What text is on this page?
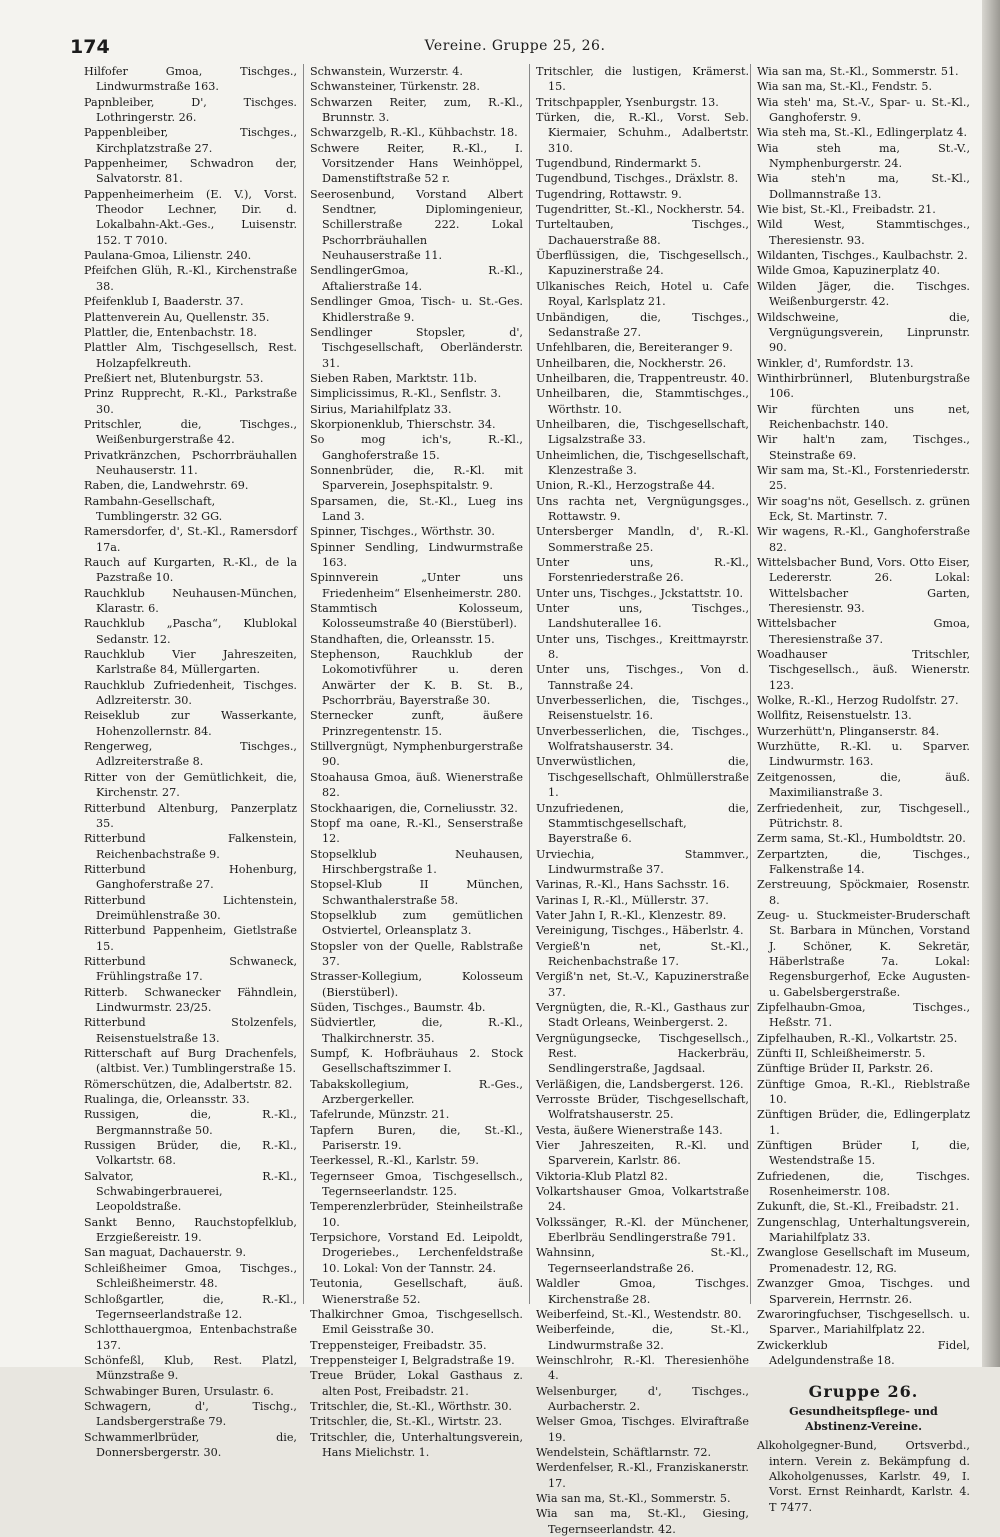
174	Vereine. Gruppe 25, 26.
Hilfofer Gmoa, Tischges., Lindwurmstraße 163.
Papnbleiber, D', Tischges. Lothringerstr. 26.
Pappenbleiber, Tischges., Kirchplatzstraße 27.
Pappenheimer, Schwadron der, Salvatorstr. 81.
Pappenheimerheim (E. V.), Vorst. Theodor Lechner, Dir. d. Lokalbahn-Akt.-Ges., Luisenstr. 152. T 7010.
Paulana-Gmoa, Lilienstr. 240.
Pfeifchen Glüh, R.-Kl., Kirchenstraße 38.
Pfeifenklub I, Baaderstr. 37.
Plattenverein Au, Quellenstr. 35.
Plattler, die, Entenbachstr. 18.
Plattler Alm, Tischgesellsch, Rest. Holzapfelkreuth.
Preßiert net, Blutenburgstr. 53.
Prinz Rupprecht, R.-Kl., Parkstraße 30.
Pritschler, die, Tischges., Weißenburgerstraße 42.
Privatkränzchen, Pschorrbräuhallen Neuhauserstr. 11.
Raben, die, Landwehrstr. 69.
Rambahn-Gesellschaft, Tumblingerstr. 32 GG.
Ramersdorfer, d', St.-Kl., Ramersdorf 17a.
Rauch auf Kurgarten, R.-Kl., de la Pazstraße 10.
Rauchklub Neuhausen-München, Klarastr. 6.
Rauchklub „Pascha“, Klublokal Sedanstr. 12.
Rauchklub Vier Jahreszeiten, Karlstraße 84, Müllergarten.
Rauchklub Zufriedenheit, Tischges. Adlzreiterstr. 30.
Reiseklub zur Wasserkante, Hohenzollernstr. 84.
Rengerweg, Tischges., Adlzreiterstraße 8.
Ritter von der Gemütlichkeit, die, Kirchenstr. 27.
Ritterbund Altenburg, Panzerplatz 35.
Ritterbund Falkenstein, Reichenbachstraße 9.
Ritterbund Hohenburg, Ganghoferstraße 27.
Ritterbund Lichtenstein, Dreimühlenstraße 30.
Ritterbund Pappenheim, Gietlstraße 15.
Ritterbund Schwaneck, Frühlingstraße 17.
Ritterb. Schwanecker Fähndlein, Lindwurmstr. 23/25.
Ritterbund Stolzenfels, Reisenstuelstraße 13.
Ritterschaft auf Burg Drachenfels, (altbist. Ver.) Tumblingerstraße 15.
Römerschützen, die, Adalbertstr. 82.
Rualinga, die, Orleansstr. 33.
Russigen, die, R.-Kl., Bergmannstraße 50.
Russigen Brüder, die, R.-Kl., Volkartstr. 68.
Salvator, R.-Kl., Schwabingerbrauerei, Leopoldstraße.
Sankt Benno, Rauchstopfelklub, Erzgießereistr. 19.
San maguat, Dachauerstr. 9.
Schleißheimer Gmoa, Tischges., Schleißheimerstr. 48.
Schloßgartler, die, R.-Kl., Tegernseerlandstraße 12.
Schlotthauergmoa, Entenbachstraße 137.
Schönfeßl, Klub, Rest. Platzl, Münzstraße 9.
Schwabinger Buren, Ursulastr. 6.
Schwagern, d', Tischg., Landsbergerstraße 79.
Schwammerlbrüder, die, Donnersbergerstr. 30.
Schwanstein, Wurzerstr. 4.
Schwansteiner, Türkenstr. 28.
Schwarzen Reiter, zum, R.-Kl., Brunnstr. 3.
Schwarzgelb, R.-Kl., Kühbachstr. 18.
Schwere Reiter, R.-Kl., I. Vorsitzender Hans Weinhöppel, Damenstiftstraße 52 r.
Seerosenbund, Vorstand Albert Sendtner, Diplomingenieur, Schillerstraße 222. Lokal Pschorrbräuhallen Neuhauserstraße 11.
SendlingerGmoa, R.-Kl., Aftalierstraße 14.
Sendlinger Gmoa, Tisch- u. St.-Ges. Khidlerstraße 9.
Sendlinger Stopsler, d', Tischgesellschaft, Oberländerstr. 31.
Sieben Raben, Marktstr. 11b.
Simplicissimus, R.-Kl., Senflstr. 3.
Sirius, Mariahilfplatz 33.
Skorpionenklub, Thierschstr. 34.
So mog ich's, R.-Kl., Ganghoferstraße 15.
Sonnenbrüder, die, R.-Kl. mit Sparverein, Josephspitalstr. 9.
Sparsamen, die, St.-Kl., Lueg ins Land 3.
Spinner, Tischges., Wörthstr. 30.
Spinner Sendling, Lindwurmstraße 163.
Spinnverein „Unter uns Friedenheim“ Elsenheimerstr. 280.
Stammtisch Kolosseum, Kolosseumstraße 40 (Bierstüberl).
Standhaften, die, Orleansstr. 15.
Stephenson, Rauchklub der Lokomotivführer u. deren Anwärter der K. B. St. B., Pschorrbräu, Bayerstraße 30.
Sternecker zunft, äußere Prinzregentenstr. 15.
Stillvergnügt, Nymphenburgerstraße 90.
Stoahausa Gmoa, äuß. Wienerstraße 82.
Stockhaarigen, die, Corneliusstr. 32.
Stopf ma oane, R.-Kl., Senserstraße 12.
Stopselklub Neuhausen, Hirschbergstraße 1.
Stopsel-Klub II München, Schwanthalerstraße 58.
Stopselklub zum gemütlichen Ostviertel, Orleansplatz 3.
Stopsler von der Quelle, Rablstraße 37.
Strasser-Kollegium, Kolosseum (Bierstüberl).
Süden, Tischges., Baumstr. 4b.
Südviertler, die, R.-Kl., Thalkirchnerstr. 35.
Sumpf, K. Hofbräuhaus 2. Stock Gesellschaftszimmer I.
Tabakskollegium, R.-Ges., Arzbergerkeller.
Tafelrunde, Münzstr. 21.
Tapfern Buren, die, St.-Kl., Pariserstr. 19.
Teerkessel, R.-Kl., Karlstr. 59.
Tegernseer Gmoa, Tischgesellsch., Tegernseerlandstr. 125.
Temperenzlerbrüder, Steinheilstraße 10.
Terpsichore, Vorstand Ed. Leipoldt, Drogeriebes., Lerchenfeldstraße 10. Lokal: Von der Tannstr. 24.
Teutonia, Gesellschaft, äuß. Wienerstraße 52.
Thalkirchner Gmoa, Tischgesellsch. Emil Geisstraße 30.
Treppensteiger, Freibadstr. 35.
Treppensteiger I, Belgradstraße 19.
Treue Brüder, Lokal Gasthaus z. alten Post, Freibadstr. 21.
Tritschler, die, St.-Kl., Wörthstr. 30.
Tritschler, die, St.-Kl., Wirtstr. 23.
Tritschler, die, Unterhaltungsverein, Hans Mielichstr. 1.
Tritschler, die lustigen, Krämerst. 15.
Tritschpappler, Ysenburgstr. 13.
Türken, die, R.-Kl., Vorst. Seb. Kiermaier, Schuhm., Adalbertstr. 310.
Tugendbund, Rindermarkt 5.
Tugendbund, Tischges., Dräxlstr. 8.
Tugendring, Rottawstr. 9.
Tugendritter, St.-Kl., Nockherstr. 54.
Turteltauben, Tischges., Dachauerstraße 88.
Überflüssigen, die, Tischgesellsch., Kapuzinerstraße 24.
Ulkanisches Reich, Hotel u. Cafe Royal, Karlsplatz 21.
Unbändigen, die, Tischges., Sedanstraße 27.
Unfehlbaren, die, Bereiteranger 9.
Unheilbaren, die, Nockherstr. 26.
Unheilbaren, die, Trappentreustr. 40.
Unheilbaren, die, Stammtischges., Wörthstr. 10.
Unheilbaren, die, Tischgesellschaft, Ligsalzstraße 33.
Unheimlichen, die, Tischgesellschaft, Klenzestraße 3.
Union, R.-Kl., Herzogstraße 44.
Uns rachta net, Vergnügungsges., Rottawstr. 9.
Untersberger Mandln, d', R.-Kl. Sommerstraße 25.
Unter uns, R.-Kl., Forstenriederstraße 26.
Unter uns, Tischges., Jckstattstr. 10.
Unter uns, Tischges., Landshuterallee 16.
Unter uns, Tischges., Kreittmayrstr. 8.
Unter uns, Tischges., Von d. Tannstraße 24.
Unverbesserlichen, die, Tischges., Reisenstuelstr. 16.
Unverbesserlichen, die, Tischges., Wolfratshauserstr. 34.
Unverwüstlichen, die, Tischgesellschaft, Ohlmüllerstraße 1.
Unzufriedenen, die, Stammtischgesellschaft, Bayerstraße 6.
Urviechia, Stammver., Lindwurmstraße 37.
Varinas, R.-Kl., Hans Sachsstr. 16.
Varinas I, R.-Kl., Müllerstr. 37.
Vater Jahn I, R.-Kl., Klenzestr. 89.
Vereinigung, Tischges., Häberlstr. 4.
Vergieß'n net, St.-Kl., Reichenbachstraße 17.
Vergiß'n net, St.-V., Kapuzinerstraße 37.
Vergnügten, die, R.-Kl., Gasthaus zur Stadt Orleans, Weinbergerst. 2.
Vergnügungsecke, Tischgesellsch., Rest. Hackerbräu, Sendlingerstraße, Jagdsaal.
Verläßigen, die, Landsbergerst. 126.
Verrosste Brüder, Tischgesellschaft, Wolfratshauserstr. 25.
Vesta, äußere Wienerstraße 143.
Vier Jahreszeiten, R.-Kl. und Sparverein, Karlstr. 86.
Viktoria-Klub Platzl 82.
Volkartshauser Gmoa, Volkartstraße 24.
Volkssänger, R.-Kl. der Münchener, Eberlbräu Sendlingerstraße 791.
Wahnsinn, St.-Kl., Tegernseerlandstraße 26.
Waldler Gmoa, Tischges. Kirchenstraße 28.
Weiberfeind, St.-Kl., Westendstr. 80.
Weiberfeinde, die, St.-Kl., Lindwurmstraße 32.
Weinschlrohr, R.-Kl. Theresienhöhe 4.
Welsenburger, d', Tischges., Aurbacherstr. 2.
Welser Gmoa, Tischges. Elviraftraße 19.
Wendelstein, Schäftlarnstr. 72.
Werdenfelser, R.-Kl., Franziskanerstr. 17.
Wia san ma, St.-Kl., Sommerstr. 5.
Wia san ma, St.-Kl., Giesing, Tegernseerlandstr. 42.
Wia san ma, St.-Kl., Sommerstr. 51.
Wia san ma, St.-Kl., Fendstr. 5.
Wia steh' ma, St.-V., Spar- u. St.-Kl., Ganghoferstr. 9.
Wia steh ma, St.-Kl., Edlingerplatz 4.
Wia steh ma, St.-V., Nymphenburgerstr. 24.
Wia steh'n ma, St.-Kl., Dollmannstraße 13.
Wie bist, St.-Kl., Freibadstr. 21.
Wild West, Stammtischges., Theresienstr. 93.
Wildanten, Tischges., Kaulbachstr. 2.
Wilde Gmoa, Kapuzinerplatz 40.
Wilden Jäger, die. Tischges. Weißenburgerstr. 42.
Wildschweine, die, Vergnügungsverein, Linprunstr. 90.
Winkler, d', Rumfordstr. 13.
Winthirbrünnerl, Blutenburgstraße 106.
Wir fürchten uns net, Reichenbachstr. 140.
Wir halt'n zam, Tischges., Steinstraße 69.
Wir sam ma, St.-Kl., Forstenriederstr. 25.
Wir soag'ns nöt, Gesellsch. z. grünen Eck, St. Martinstr. 7.
Wir wagens, R.-Kl., Ganghoferstraße 82.
Wittelsbacher Bund, Vors. Otto Eiser, Ledererstr. 26. Lokal: Wittelsbacher Garten, Theresienstr. 93.
Wittelsbacher Gmoa, Theresienstraße 37.
Woadhauser Tritschler, Tischgesellsch., äuß. Wienerstr. 123.
Wolke, R.-Kl., Herzog Rudolfstr. 27.
Wollfitz, Reisenstuelstr. 13.
Wurzerhütt'n, Plinganserstr. 84.
Wurzhütte, R.-Kl. u. Sparver. Lindwurmstr. 163.
Zeitgenossen, die, äuß. Maximilianstraße 3.
Zerfriedenheit, zur, Tischgesell., Pütrichstr. 8.
Zerm sama, St.-Kl., Humboldtstr. 20.
Zerpartzten, die, Tischges., Falkenstraße 14.
Zerstreuung, Spöckmaier, Rosenstr. 8.
Zeug- u. Stuckmeister-Bruderschaft St. Barbara in München, Vorstand J. Schöner, K. Sekretär, Häberlstraße 7a. Lokal: Regensburgerhof, Ecke Augusten- u. Gabelsbergerstraße.
Zipfelhaubn-Gmoa, Tischges., Heßstr. 71.
Zipfelhauben, R.-Kl., Volkartstr. 25.
Zünfti II, Schleißheimerstr. 5.
Zünftige Brüder II, Parkstr. 26.
Zünftige Gmoa, R.-Kl., Rieblstraße 10.
Zünftigen Brüder, die, Edlingerplatz 1.
Zünftigen Brüder I, die, Westendstraße 15.
Zufriedenen, die, Tischges. Rosenheimerstr. 108.
Zukunft, die, St.-Kl., Freibadstr. 21.
Zungenschlag, Unterhaltungsverein, Mariahilfplatz 33.
Zwanglose Gesellschaft im Museum, Promenadestr. 12, RG.
Zwanzger Gmoa, Tischges. und Sparverein, Herrnstr. 26.
Zwaroringfuchser, Tischgesellsch. u. Sparver., Mariahilfplatz 22.
Zwickerklub Fidel, Adelgundenstraße 18.
Gruppe 26.
Gesundheitspflege- und Abstinenz-Vereine.
Alkoholgegner-Bund, Ortsverbd., intern. Verein z. Bekämpfung d. Alkoholgenusses, Karlstr. 49, I. Vorst. Ernst Reinhardt, Karlstr. 4. T 7477.
